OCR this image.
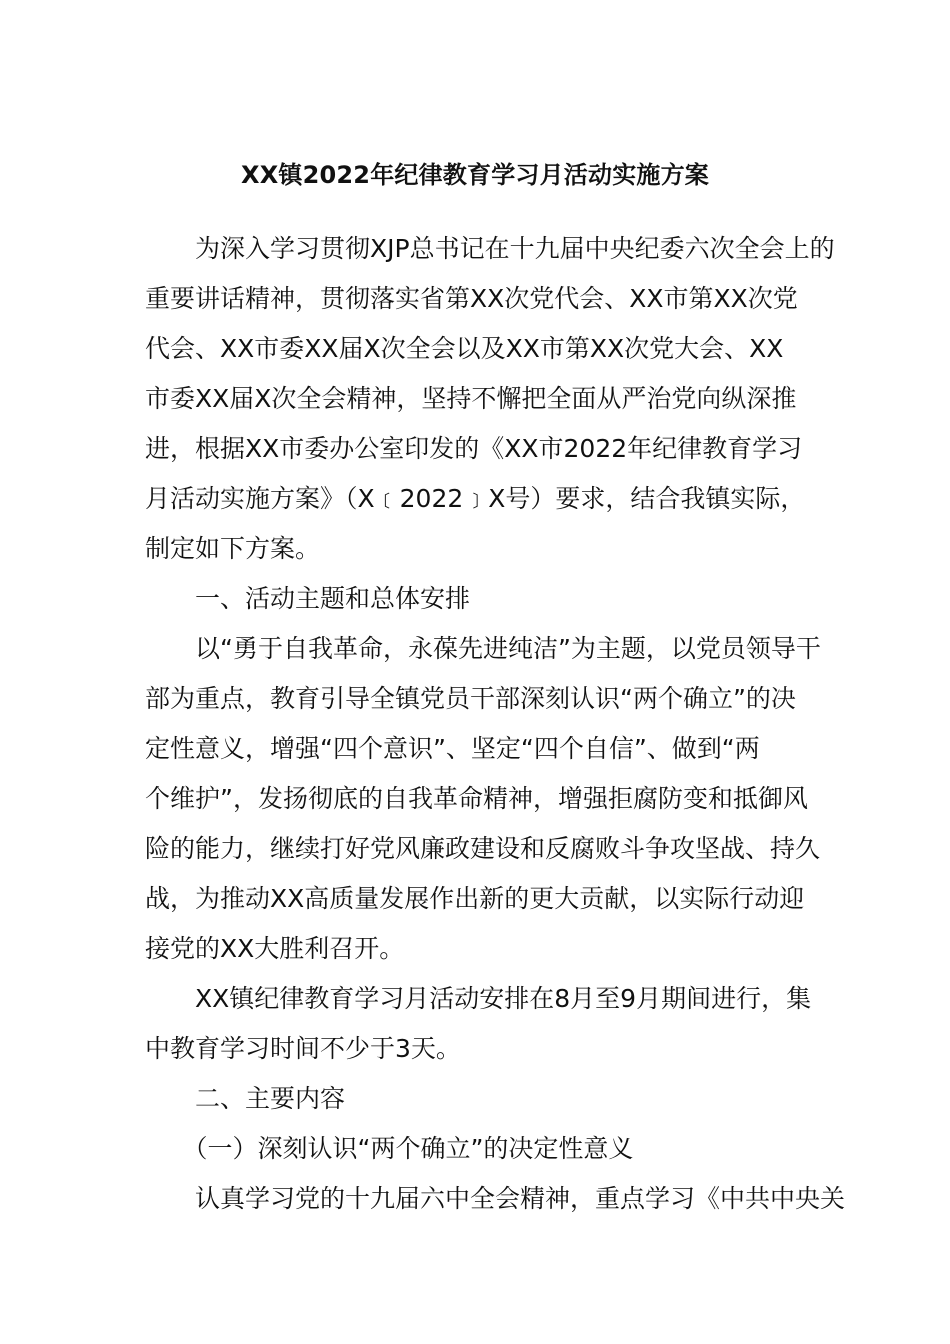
XX镇2022年纪律教育学习月活动实施方案
　　为深入学习贯彻XJP总书记在十九届中央纪委六次全会上的
重要讲话精神，贯彻落实省第XX次党代会、XX市第XX次党
代会、XX市委XX届X次全会以及XX市第XX次党大会、XX
市委XX届X次全会精神，坚持不懈把全面从严治党向纵深推
进，根据XX市委办公室印发的《XX市2022年纪律教育学习
月活动实施方案》（X﹝2022﹞X号）要求，结合我镇实际，
制定如下方案。
　　一、活动主题和总体安排
　　以“勇于自我革命，永葆先进纯洁”为主题，以党员领导干
部为重点，教育引导全镇党员干部深刻认识“两个确立”的决
定性意义，增强“四个意识”、坚定“四个自信”、做到“两
个维护”，发扬彻底的自我革命精神，增强拒腐防变和抵御风
险的能力，继续打好党风廉政建设和反腐败斗争攻坚战、持久
战，为推动XX高质量发展作出新的更大贡献，以实际行动迎
接党的XX大胜利召开。
　　XX镇纪律教育学习月活动安排在8月至9月期间进行，集
中教育学习时间不少于3天。
　　二、主要内容
　　（一）深刻认识“两个确立”的决定性意义
　　认真学习党的十九届六中全会精神，重点学习《中共中央关
